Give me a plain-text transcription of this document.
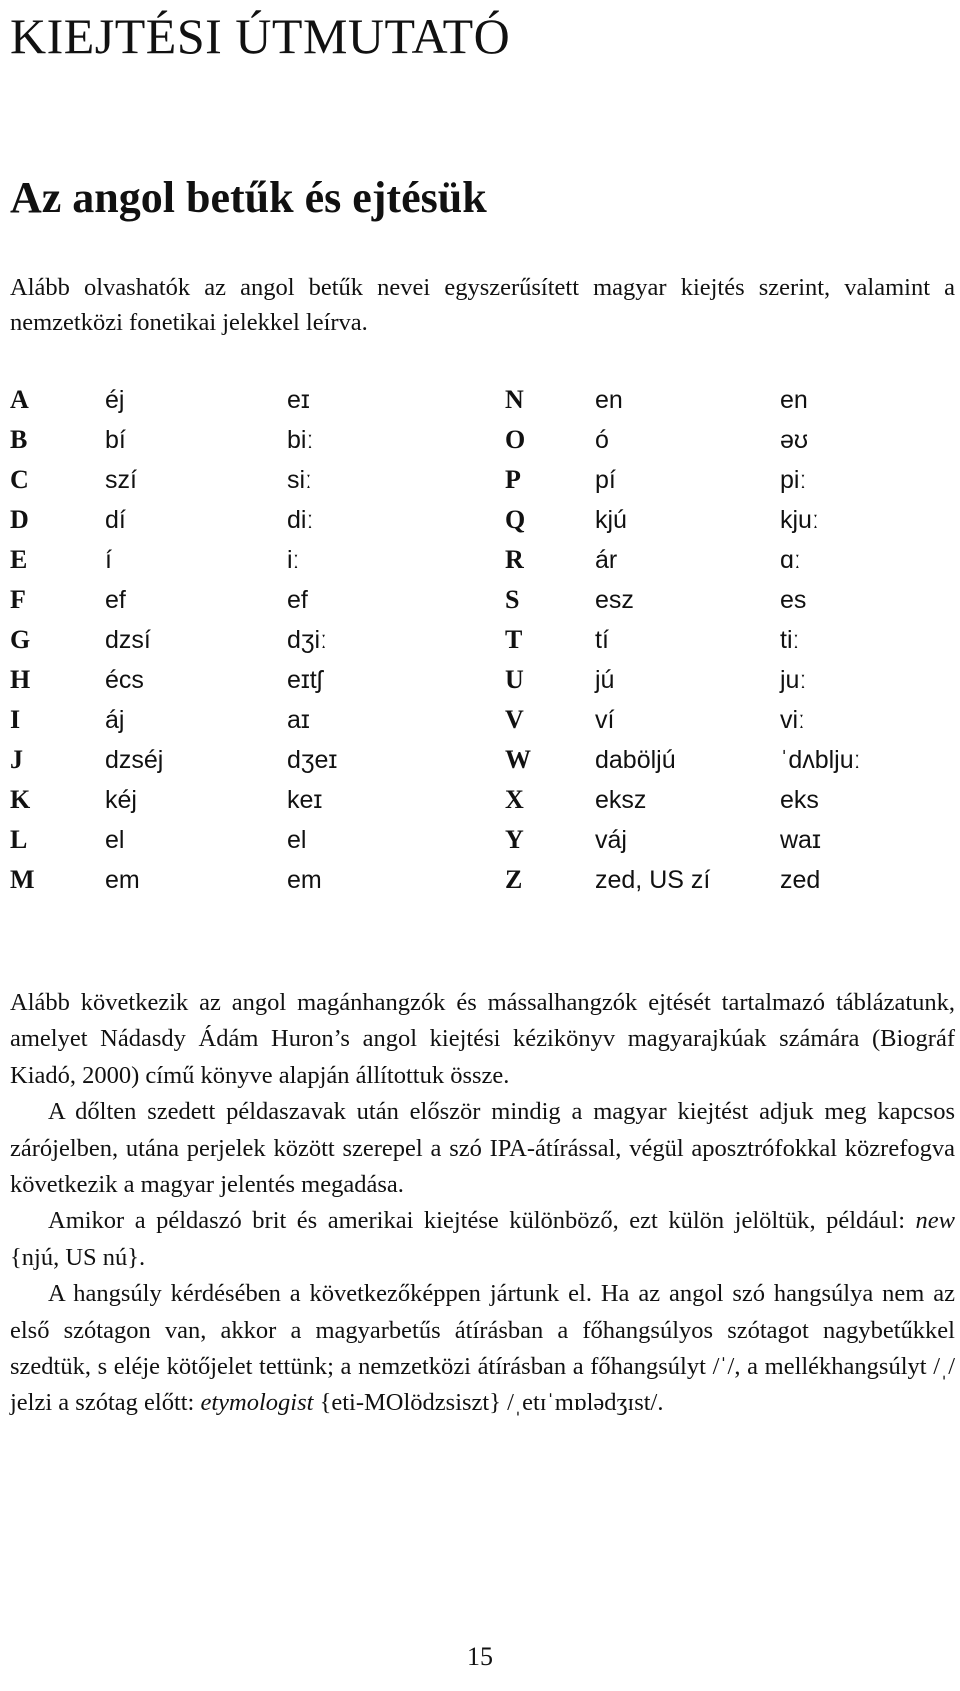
KIEJTÉSI ÚTMUTATÓ
Az angol betűk és ejtésük

Alább olvashatók az angol betűk nevei egyszerűsített magyar kiejtés szerint, valamint a nemzetközi fonetikai jelekkel leírva.

A	éj	eɪ
B	bí	biː
C	szí	siː
D	dí	diː
E	í	iː
F	ef	ef
G	dzsí	dʒiː
H	écs	eɪtʃ
I	áj	aɪ
J	dzséj	dʒeɪ
K	kéj	keɪ
L	el	el
M	em	em
N	en	en
O	ó	əʊ
P	pí	piː
Q	kjú	kjuː
R	ár	ɑː
S	esz	es
T	tí	tiː
U	jú	juː
V	ví	viː
W	daböljú	ˈdʌbljuː
X	eksz	eks
Y	váj	waɪ
Z	zed, US zí	zed

Alább következik az angol magánhangzók és mássalhangzók ejtését tartalmazó táblázatunk, amelyet Nádasdy Ádám Huron’s angol kiejtési kézikönyv magyarajkúak számára (Biográf Kiadó, 2000) című könyve alapján állítottuk össze.

A dőlten szedett példaszavak után először mindig a magyar kiejtést adjuk meg kapcsos zárójelben, utána perjelek között szerepel a szó IPA-átírással, végül aposztrófokkal közrefogva következik a magyar jelentés megadása.

Amikor a példaszó brit és amerikai kiejtése különböző, ezt külön jelöltük, például: new {njú, US nú}.

A hangsúly kérdésében a következőképpen jártunk el. Ha az angol szó hangsúlya nem az első szótagon van, akkor a magyarbetűs átírásban a főhangsúlyos szótagot nagybetűkkel szedtük, s eléje kötőjelet tettünk; a nemzetközi átírásban a főhangsúlyt /ˈ/, a mellékhangsúlyt /ˌ/ jelzi a szótag előtt: etymologist {eti-MOlödzsiszt} /ˌetɪˈmɒlədʒɪst/.

15
